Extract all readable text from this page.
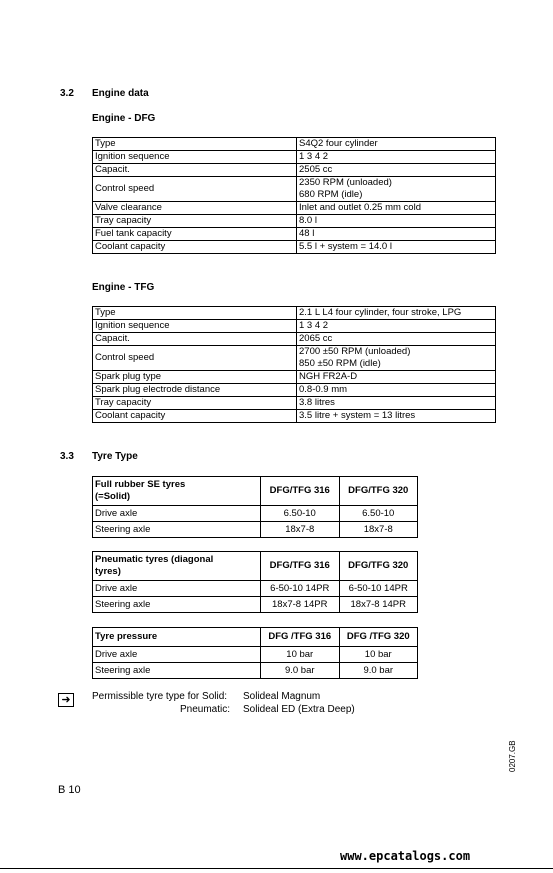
3.2 Engine data
Engine - DFG
Type	S4Q2 four cylinder
Ignition sequence	1 3 4 2
Capacit.	2505 cc
Control speed	2350 RPM (unloaded)
680 RPM (idle)
Valve clearance	Inlet and outlet 0.25 mm cold
Tray capacity	8.0 l
Fuel tank capacity	48 l
Coolant capacity	5.5 l + system = 14.0 l
Engine - TFG
Type	2.1 L L4 four cylinder, four stroke, LPG
Ignition sequence	1 3 4 2
Capacit.	2065 cc
Control speed	2700 ±50 RPM (unloaded)
850 ±50 RPM (idle)
Spark plug type	NGH FR2A-D
Spark plug electrode distance	0.8-0.9 mm
Tray capacity	3.8 litres
Coolant capacity	3.5 litre + system = 13 litres
3.3 Tyre Type
Full rubber SE tyres
(=Solid)	DFG/TFG 316	DFG/TFG 320
Drive axle	6.50-10	6.50-10
Steering axle	18x7-8	18x7-8
Pneumatic tyres (diagonal
tyres)	DFG/TFG 316	DFG/TFG 320
Drive axle	6-50-10 14PR	6-50-10 14PR
Steering axle	18x7-8 14PR	18x7-8 14PR
Tyre pressure	DFG /TFG 316	DFG /TFG 320
Drive axle	10 bar	10 bar
Steering axle	9.0 bar	9.0 bar
➜	Permissible tyre type for Solid: Solideal Magnum
Pneumatic: Solideal ED (Extra Deep)
0207.GB
B 10
www.epcatalogs.com
